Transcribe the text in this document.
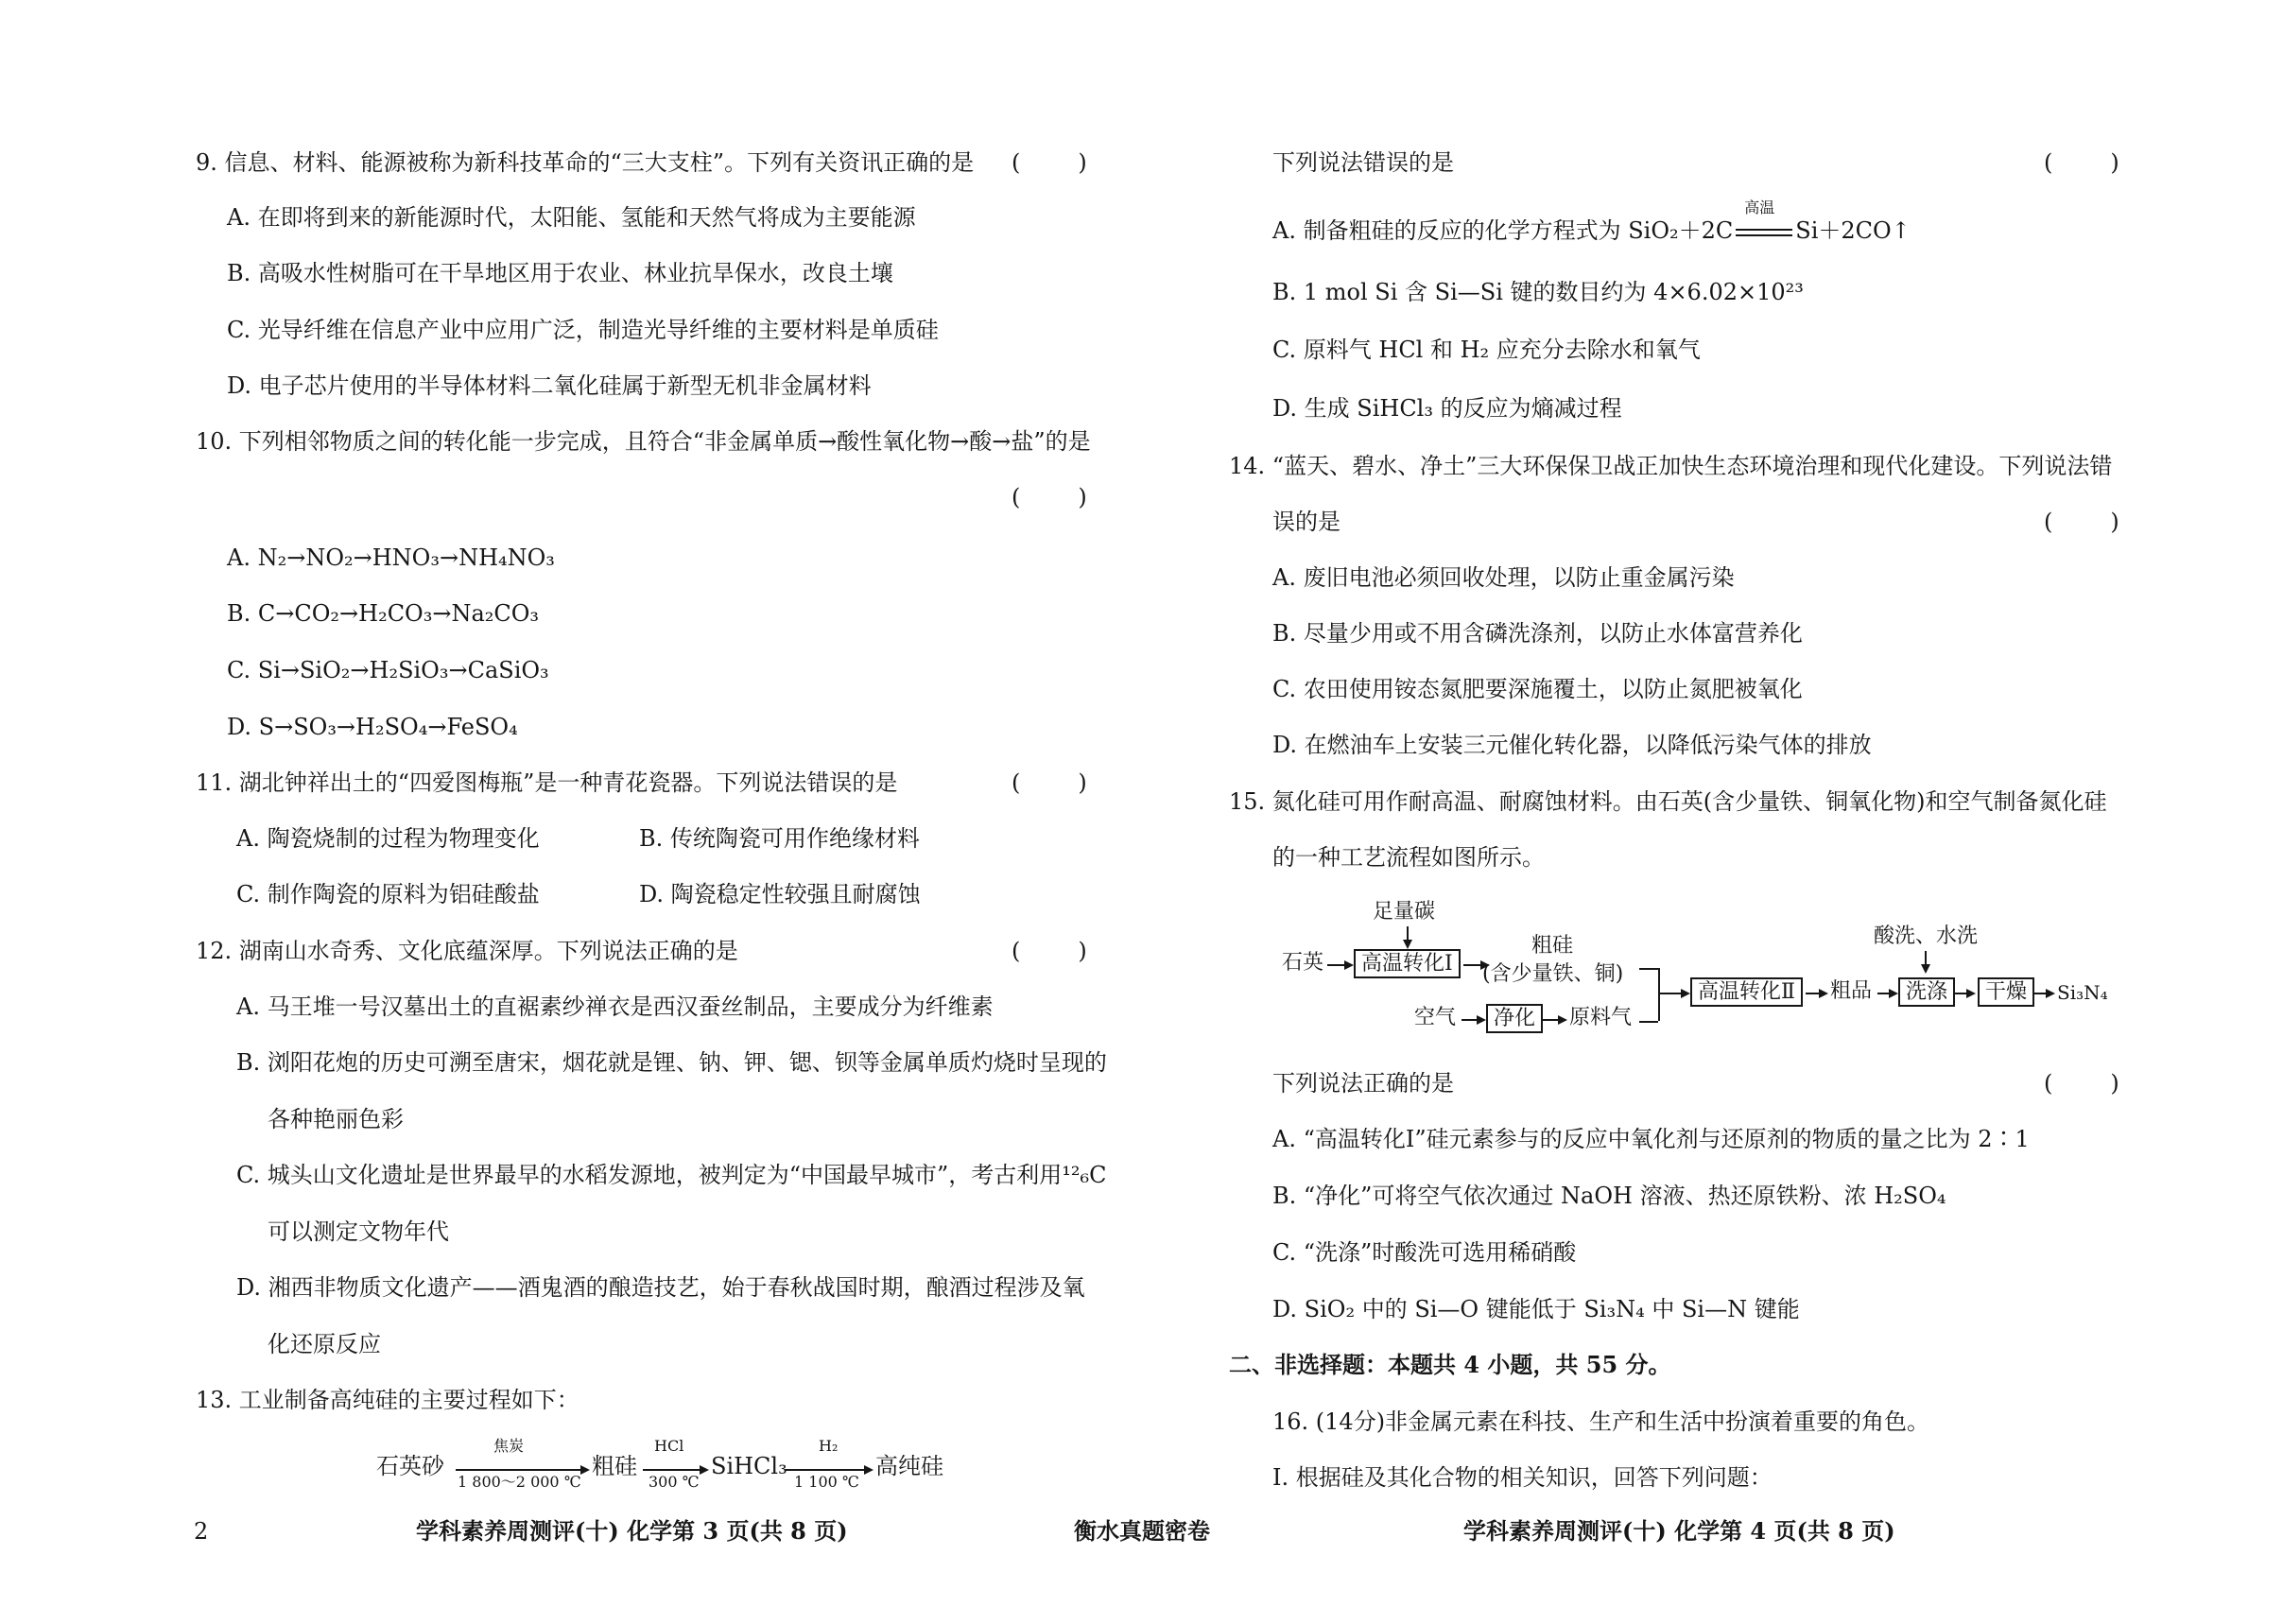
9. 信息、材料、能源被称为新科技革命的“三大支柱”。下列有关资讯正确的是 (        )
A. 在即将到来的新能源时代，太阳能、氢能和天然气将成为主要能源
B. 高吸水性树脂可在干旱地区用于农业、林业抗旱保水，改良土壤
C. 光导纤维在信息产业中应用广泛，制造光导纤维的主要材料是单质硅
D. 电子芯片使用的半导体材料二氧化硅属于新型无机非金属材料
10. 下列相邻物质之间的转化能一步完成，且符合“非金属单质→酸性氧化物→酸→盐”的是
(        )
A. N₂→NO₂→HNO₃→NH₄NO₃
B. C→CO₂→H₂CO₃→Na₂CO₃
C. Si→SiO₂→H₂SiO₃→CaSiO₃
D. S→SO₃→H₂SO₄→FeSO₄
11. 湖北钟祥出土的“四爱图梅瓶”是一种青花瓷器。下列说法错误的是	(        )
A. 陶瓷烧制的过程为物理变化	B. 传统陶瓷可用作绝缘材料
C. 制作陶瓷的原料为铝硅酸盐	D. 陶瓷稳定性较强且耐腐蚀
12. 湖南山水奇秀、文化底蕴深厚。下列说法正确的是	(        )
A. 马王堆一号汉墓出土的直裾素纱禅衣是西汉蚕丝制品，主要成分为纤维素
B. 浏阳花炮的历史可溯至唐宋，烟花就是锂、钠、钾、锶、钡等金属单质灼烧时呈现的
各种艳丽色彩
C. 城头山文化遗址是世界最早的水稻发源地，被判定为“中国最早城市”，考古利用¹²₆C
可以测定文物年代
D. 湘西非物质文化遗产——酒鬼酒的酿造技艺，始于春秋战国时期，酿酒过程涉及氧
化还原反应
13. 工业制备高纯硅的主要过程如下：
石英砂
焦炭
1 800～2 000 ℃
粗硅
HCl
300 ℃
SiHCl₃
H₂
1 100 ℃
高纯硅
下列说法错误的是	(        )
A. 制备粗硅的反应的化学方程式为 SiO₂＋2C
高温
Si＋2CO↑
B. 1 mol Si 含 Si—Si 键的数目约为 4×6.02×10²³
C. 原料气 HCl 和 H₂ 应充分去除水和氧气
D. 生成 SiHCl₃ 的反应为熵减过程
14. “蓝天、碧水、净土”三大环保保卫战正加快生态环境治理和现代化建设。下列说法错
误的是	(        )
A. 废旧电池必须回收处理，以防止重金属污染
B. 尽量少用或不用含磷洗涤剂，以防止水体富营养化
C. 农田使用铵态氮肥要深施覆土，以防止氮肥被氧化
D. 在燃油车上安装三元催化转化器，以降低污染气体的排放
15. 氮化硅可用作耐高温、耐腐蚀材料。由石英(含少量铁、铜氧化物)和空气制备氮化硅
的一种工艺流程如图所示。
足量碳
石英	高温转化Ⅰ
粗硅
(含少量铁、铜)
空气	净化	原料气
高温转化Ⅱ	粗品
酸洗、水洗
洗涤	干燥	Si₃N₄
下列说法正确的是	(        )
A. “高温转化Ⅰ”硅元素参与的反应中氧化剂与还原剂的物质的量之比为 2∶1
B. “净化”可将空气依次通过 NaOH 溶液、热还原铁粉、浓 H₂SO₄
C. “洗涤”时酸洗可选用稀硝酸
D. SiO₂ 中的 Si—O 键能低于 Si₃N₄ 中 Si—N 键能
二、非选择题：本题共 4 小题，共 55 分。
16. (14分)非金属元素在科技、生产和生活中扮演着重要的角色。
Ⅰ. 根据硅及其化合物的相关知识，回答下列问题：
2	学科素养周测评(十) 化学第 3 页(共 8 页)	衡水真题密卷	学科素养周测评(十) 化学第 4 页(共 8 页)
